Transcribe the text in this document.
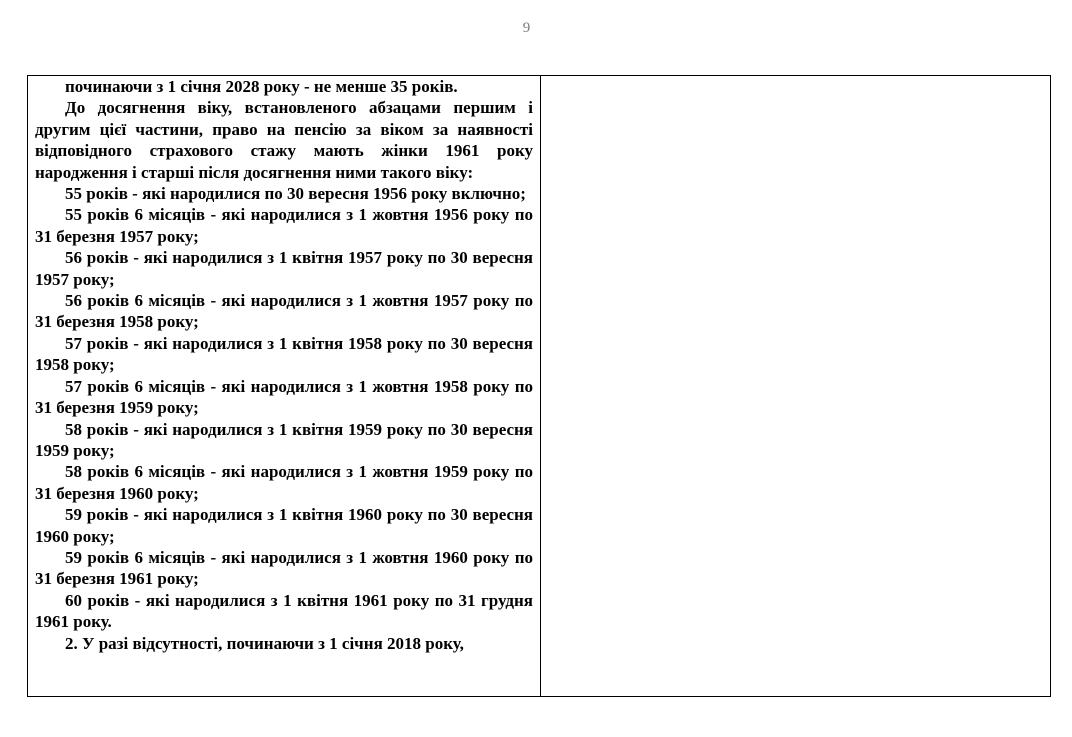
9

починаючи з 1 січня 2028 року - не менше 35 років.

До досягнення віку, встановленого абзацами першим і другим цієї частини, право на пенсію за віком за наявності відповідного страхового стажу мають жінки 1961 року народження і старші після досягнення ними такого віку:

55 років - які народилися по 30 вересня 1956 року включно;

55 років 6 місяців - які народилися з 1 жовтня 1956 року по 31 березня 1957 року;

56 років - які народилися з 1 квітня 1957 року по 30 вересня 1957 року;

56 років 6 місяців - які народилися з 1 жовтня 1957 року по 31 березня 1958 року;

57 років - які народилися з 1 квітня 1958 року по 30 вересня 1958 року;

57 років 6 місяців - які народилися з 1 жовтня 1958 року по 31 березня 1959 року;

58 років - які народилися з 1 квітня 1959 року по 30 вересня 1959 року;

58 років 6 місяців - які народилися з 1 жовтня 1959 року по 31 березня 1960 року;

59 років - які народилися з 1 квітня 1960 року по 30 вересня 1960 року;

59 років 6 місяців - які народилися з 1 жовтня 1960 року по 31 березня 1961 року;

60 років - які народилися з 1 квітня 1961 року по 31 грудня 1961 року.

2. У разі відсутності, починаючи з 1 січня 2018 року,
